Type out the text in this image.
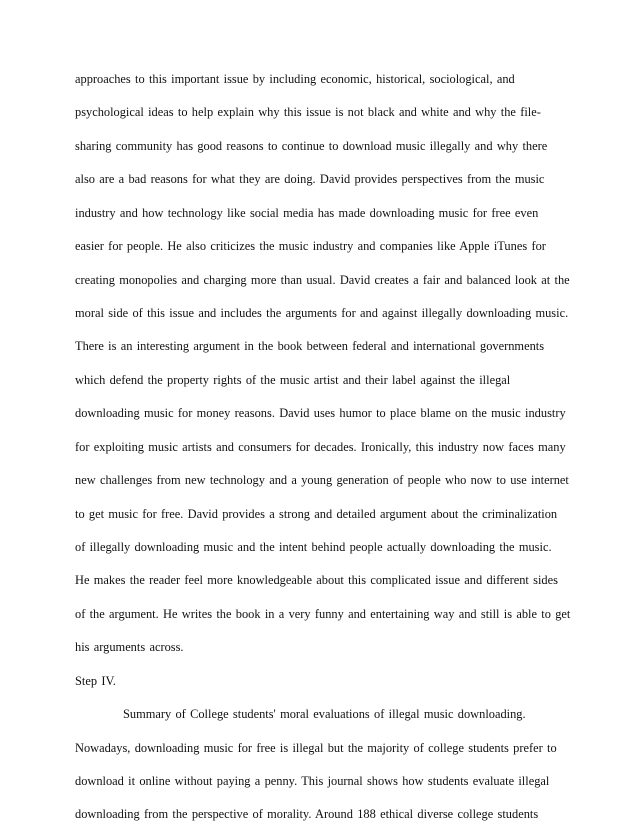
approaches to this important issue by including economic, historical, sociological, and
psychological ideas to help explain why this issue is not black and white and why the file-
sharing community has good reasons to continue to download music illegally and why there
also are a bad reasons for what they are doing. David provides perspectives from the music
industry and how technology like social media has made downloading music for free even
easier for people. He also criticizes the music industry and companies like Apple iTunes for
creating monopolies and charging more than usual. David creates a fair and balanced look at the
moral side of this issue and includes the arguments for and against illegally downloading music.
There is an interesting argument in the book between federal and international governments
which defend the property rights of the music artist and their label against the illegal
downloading music for money reasons. David uses humor to place blame on the music industry
for exploiting music artists and consumers for decades. Ironically, this industry now faces many
new challenges from new technology and a young generation of people who now to use internet
to get music for free. David provides a strong and detailed argument about the criminalization
of illegally downloading music and the intent behind people actually downloading the music.
He makes the reader feel more knowledgeable about this complicated issue and different sides
of the argument. He writes the book in a very funny and entertaining way and still is able to get
his arguments across.
Step IV.
Summary of College students' moral evaluations of illegal music downloading.
Nowadays, downloading music for free is illegal but the majority of college students prefer to
download it online without paying a penny. This journal shows how students evaluate illegal
downloading from the perspective of morality. Around 188 ethical diverse college students
